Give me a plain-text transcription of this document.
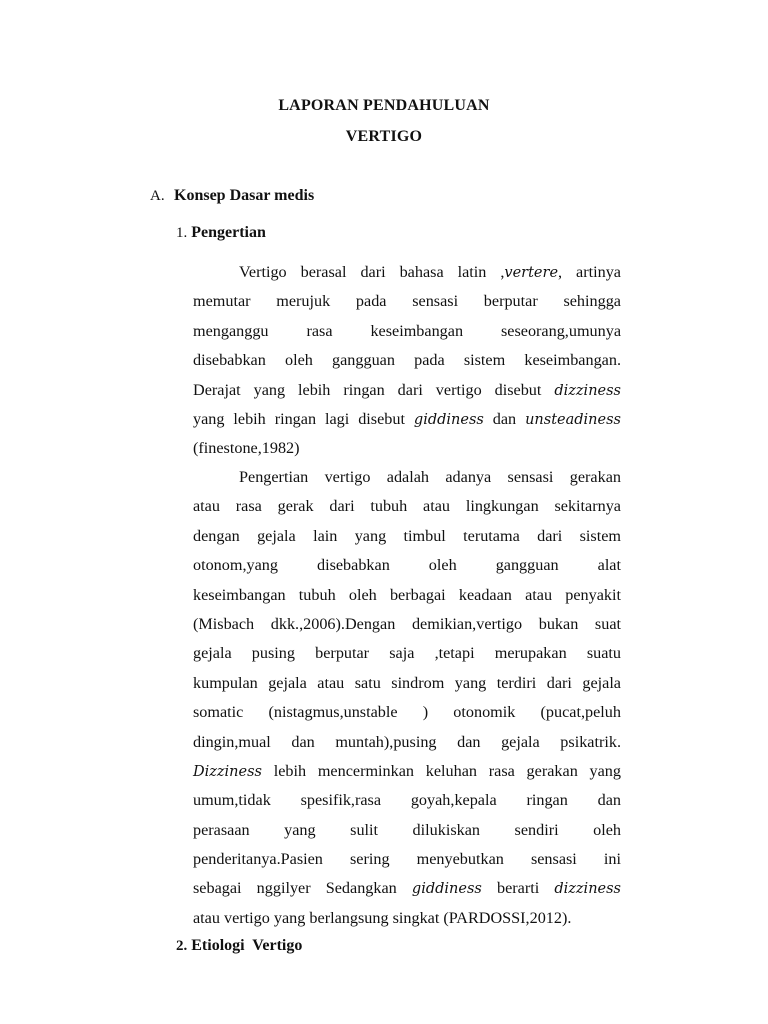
LAPORAN PENDAHULUAN
VERTIGO
A. Konsep Dasar medis
1. Pengertian
Vertigo berasal dari bahasa latin ,vertere, artinya
memutar merujuk pada sensasi berputar sehingga
menganggu rasa keseimbangan seseorang,umunya
disebabkan oleh gangguan pada sistem keseimbangan.
Derajat yang lebih ringan dari vertigo disebut dizziness
yang lebih ringan lagi disebut giddiness dan unsteadiness
(finestone,1982)
Pengertian vertigo adalah adanya sensasi gerakan
atau rasa gerak dari tubuh atau lingkungan sekitarnya
dengan gejala lain yang timbul terutama dari sistem
otonom,yang disebabkan oleh gangguan alat
keseimbangan tubuh oleh berbagai keadaan atau penyakit
(Misbach dkk.,2006).Dengan demikian,vertigo bukan suat
gejala pusing berputar saja ,tetapi merupakan suatu
kumpulan gejala atau satu sindrom yang terdiri dari gejala
somatic (nistagmus,unstable ) otonomik (pucat,peluh
dingin,mual dan muntah),pusing dan gejala psikatrik.
Dizziness lebih mencerminkan keluhan rasa gerakan yang
umum,tidak spesifik,rasa goyah,kepala ringan dan
perasaan yang sulit dilukiskan sendiri oleh
penderitanya.Pasien sering menyebutkan sensasi ini
sebagai nggilyer Sedangkan giddiness berarti dizziness
atau vertigo yang berlangsung singkat (PARDOSSI,2012).
2. Etiologi  Vertigo
